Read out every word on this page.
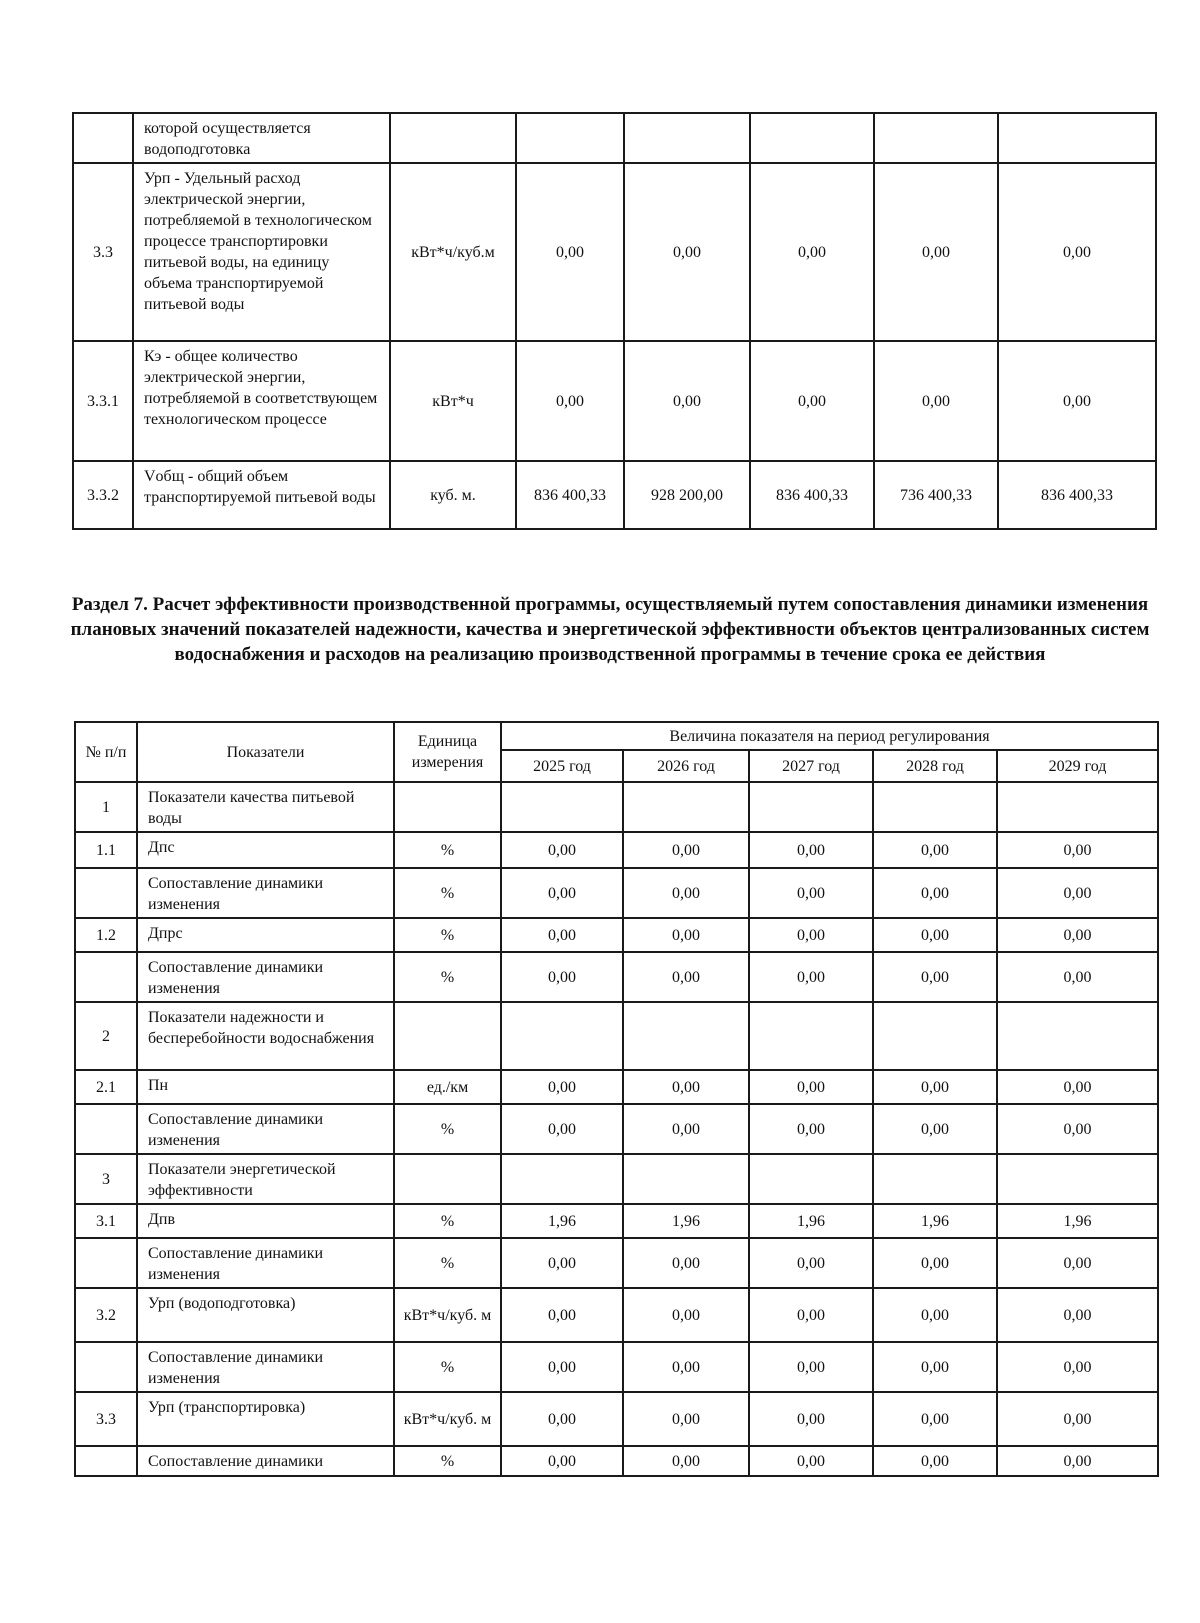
	которой осуществляется водоподготовка						
3.3	Урп - Удельный расход электрической энергии, потребляемой в технологическом процессе транспортировки питьевой воды, на единицу объема транспортируемой питьевой воды	кВт*ч/куб.м	0,00	0,00	0,00	0,00	0,00
3.3.1	Кэ - общее количество электрической энергии, потребляемой в соответствующем технологическом процессе	кВт*ч	0,00	0,00	0,00	0,00	0,00
3.3.2	Vобщ - общий объем транспортируемой питьевой воды	куб. м.	836 400,33	928 200,00	836 400,33	736 400,33	836 400,33
Раздел 7. Расчет эффективности производственной программы, осуществляемый путем сопоставления динамики изменения плановых значений показателей надежности, качества и энергетической эффективности объектов централизованных систем водоснабжения и расходов на реализацию производственной программы в течение срока ее действия
№ п/п	Показатели	Единица измерения	Величина показателя на период регулирования				
			2025 год	2026 год	2027 год	2028 год	2029 год
1	Показатели качества питьевой воды						
1.1	Дпс	%	0,00	0,00	0,00	0,00	0,00
	Сопоставление динамики изменения	%	0,00	0,00	0,00	0,00	0,00
1.2	Дпрс	%	0,00	0,00	0,00	0,00	0,00
	Сопоставление динамики изменения	%	0,00	0,00	0,00	0,00	0,00
2	Показатели надежности и бесперебойности водоснабжения						
2.1	Пн	ед./км	0,00	0,00	0,00	0,00	0,00
	Сопоставление динамики изменения	%	0,00	0,00	0,00	0,00	0,00
3	Показатели энергетической эффективности						
3.1	Дпв	%	1,96	1,96	1,96	1,96	1,96
	Сопоставление динамики изменения	%	0,00	0,00	0,00	0,00	0,00
3.2	Урп (водоподготовка)	кВт*ч/куб. м	0,00	0,00	0,00	0,00	0,00
	Сопоставление динамики изменения	%	0,00	0,00	0,00	0,00	0,00
3.3	Урп (транспортировка)	кВт*ч/куб. м	0,00	0,00	0,00	0,00	0,00
	Сопоставление динамики	%	0,00	0,00	0,00	0,00	0,00
